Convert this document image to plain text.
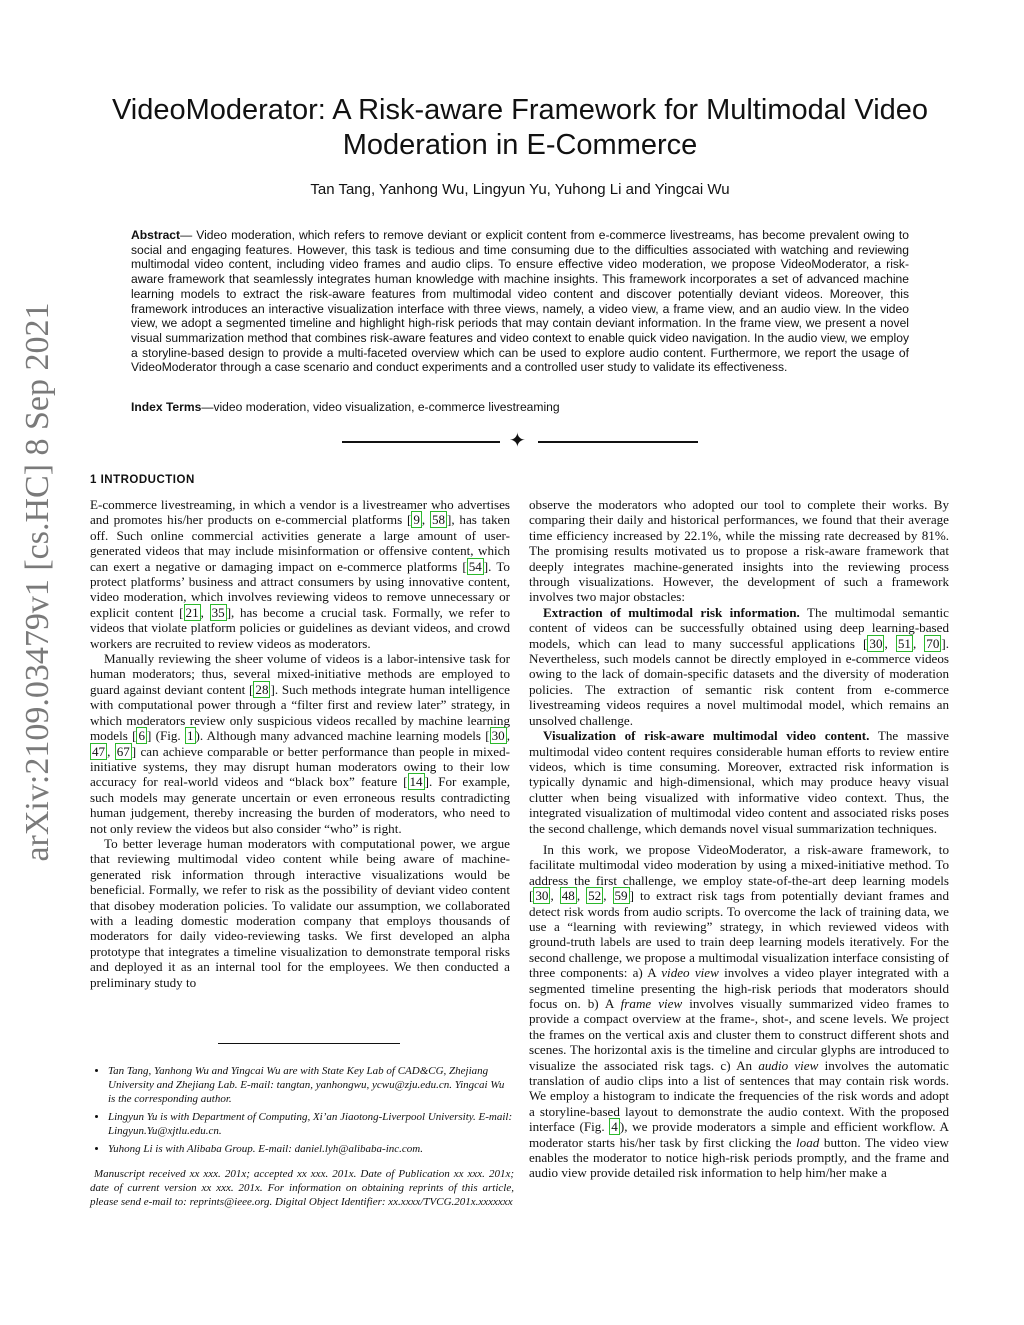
arXiv:2109.03479v1 [cs.HC] 8 Sep 2021
VideoModerator: A Risk-aware Framework for Multimodal Video
Moderation in E-Commerce
Tan Tang, Yanhong Wu, Lingyun Yu, Yuhong Li and Yingcai Wu
Abstract— Video moderation, which refers to remove deviant or explicit content from e-commerce livestreams, has become prevalent owing to social and engaging features. However, this task is tedious and time consuming due to the difficulties associated with watching and reviewing multimodal video content, including video frames and audio clips. To ensure effective video moderation, we propose VideoModerator, a risk-aware framework that seamlessly integrates human knowledge with machine insights. This framework incorporates a set of advanced machine learning models to extract the risk-aware features from multimodal video content and discover potentially deviant videos. Moreover, this framework introduces an interactive visualization interface with three views, namely, a video view, a frame view, and an audio view. In the video view, we adopt a segmented timeline and highlight high-risk periods that may contain deviant information. In the frame view, we present a novel visual summarization method that combines risk-aware features and video context to enable quick video navigation. In the audio view, we employ a storyline-based design to provide a multi-faceted overview which can be used to explore audio content. Furthermore, we report the usage of VideoModerator through a case scenario and conduct experiments and a controlled user study to validate its effectiveness.
Index Terms—video moderation, video visualization, e-commerce livestreaming
✦
1 INTRODUCTION

E-commerce livestreaming, in which a vendor is a livestreamer who advertises and promotes his/her products on e-commercial platforms [ 9 , 58 ], has taken off. Such online commercial activities generate a large amount of user-generated videos that may include misinformation or offensive content, which can exert a negative or damaging impact on e-commerce platforms [ 54 ]. To protect platforms’ business and attract consumers by using innovative content, video moderation, which involves reviewing videos to remove unnecessary or explicit content [ 21 , 35 ], has become a crucial task. Formally, we refer to videos that violate platform policies or guidelines as deviant videos, and crowd workers are recruited to review videos as moderators.

Manually reviewing the sheer volume of videos is a labor-intensive task for human moderators; thus, several mixed-initiative methods are employed to guard against deviant content [ 28 ]. Such methods integrate human intelligence with computational power through a “filter first and review later” strategy, in which moderators review only suspicious videos recalled by machine learning models [ 6 ] (Fig. 1 ). Although many advanced machine learning models [ 30 , 47 , 67 ] can achieve comparable or better performance than people in mixed-initiative systems, they may disrupt human moderators owing to their low accuracy for real-world videos and “black box” feature [ 14 ]. For example, such models may generate uncertain or even erroneous results contradicting human judgement, thereby increasing the burden of moderators, who need to not only review the videos but also consider “who” is right.

To better leverage human moderators with computational power, we argue that reviewing multimodal video content while being aware of machine-generated risk information through interactive visualizations would be beneficial. Formally, we refer to risk as the possibility of deviant video content that disobey moderation policies. To validate our assumption, we collaborated with a leading domestic moderation company that employs thousands of moderators for daily video-reviewing tasks. We first developed an alpha prototype that integrates a timeline visualization to demonstrate temporal risks and deployed it as an internal tool for the employees. We then conducted a preliminary study to

• Tan Tang, Yanhong Wu and Yingcai Wu are with State Key Lab of CAD&CG, Zhejiang University and Zhejiang Lab. E-mail: tangtan, yanhongwu, ycwu@zju.edu.cn. Yingcai Wu is the corresponding author.
• Lingyun Yu is with Department of Computing, Xi’an Jiaotong-Liverpool University. E-mail: Lingyun.Yu@xjtlu.edu.cn.
• Yuhong Li is with Alibaba Group. E-mail: daniel.lyh@alibaba-inc.com.
Manuscript received xx xxx. 201x; accepted xx xxx. 201x. Date of Publication xx xxx. 201x; date of current version xx xxx. 201x. For information on obtaining reprints of this article, please send e-mail to: reprints@ieee.org. Digital Object Identifier: xx.xxxx/TVCG.201x.xxxxxxx

observe the moderators who adopted our tool to complete their works. By comparing their daily and historical performances, we found that their average time efficiency increased by 22.1%, while the missing rate decreased by 81%. The promising results motivated us to propose a risk-aware framework that deeply integrates machine-generated insights into the reviewing process through visualizations. However, the development of such a framework involves two major obstacles:

Extraction of multimodal risk information. The multimodal semantic content of videos can be successfully obtained using deep learning-based models, which can lead to many successful applications [ 30 , 51 , 70 ]. Nevertheless, such models cannot be directly employed in e-commerce videos owing to the lack of domain-specific datasets and the diversity of moderation policies. The extraction of semantic risk content from e-commerce livestreaming videos requires a novel multimodal model, which remains an unsolved challenge.

Visualization of risk-aware multimodal video content. The massive multimodal video content requires considerable human efforts to review entire videos, which is time consuming. Moreover, extracted risk information is typically dynamic and high-dimensional, which may produce heavy visual clutter when being visualized with informative video context. Thus, the integrated visualization of multimodal video content and associated risks poses the second challenge, which demands novel visual summarization techniques.

In this work, we propose VideoModerator, a risk-aware framework, to facilitate multimodal video moderation by using a mixed-initiative method. To address the first challenge, we employ state-of-the-art deep learning models [ 30 , 48 , 52 , 59 ] to extract risk tags from potentially deviant frames and detect risk words from audio scripts. To overcome the lack of training data, we use a “learning with reviewing” strategy, in which reviewed videos with ground-truth labels are used to train deep learning models iteratively. For the second challenge, we propose a multimodal visualization interface consisting of three components: a) A video view involves a video player integrated with a segmented timeline presenting the high-risk periods that moderators should focus on. b) A frame view involves visually summarized video frames to provide a compact overview at the frame-, shot-, and scene levels. We project the frames on the vertical axis and cluster them to construct different shots and scenes. The horizontal axis is the timeline and circular glyphs are introduced to visualize the associated risk tags. c) An audio view involves the automatic translation of audio clips into a list of sentences that may contain risk words. We employ a histogram to indicate the frequencies of the risk words and adopt a storyline-based layout to demonstrate the audio context. With the proposed interface (Fig. 4 ), we provide moderators a simple and efficient workflow. A moderator starts his/her task by first clicking the load button. The video view enables the moderator to notice high-risk periods promptly, and the frame and audio view provide detailed risk information to help him/her make a
